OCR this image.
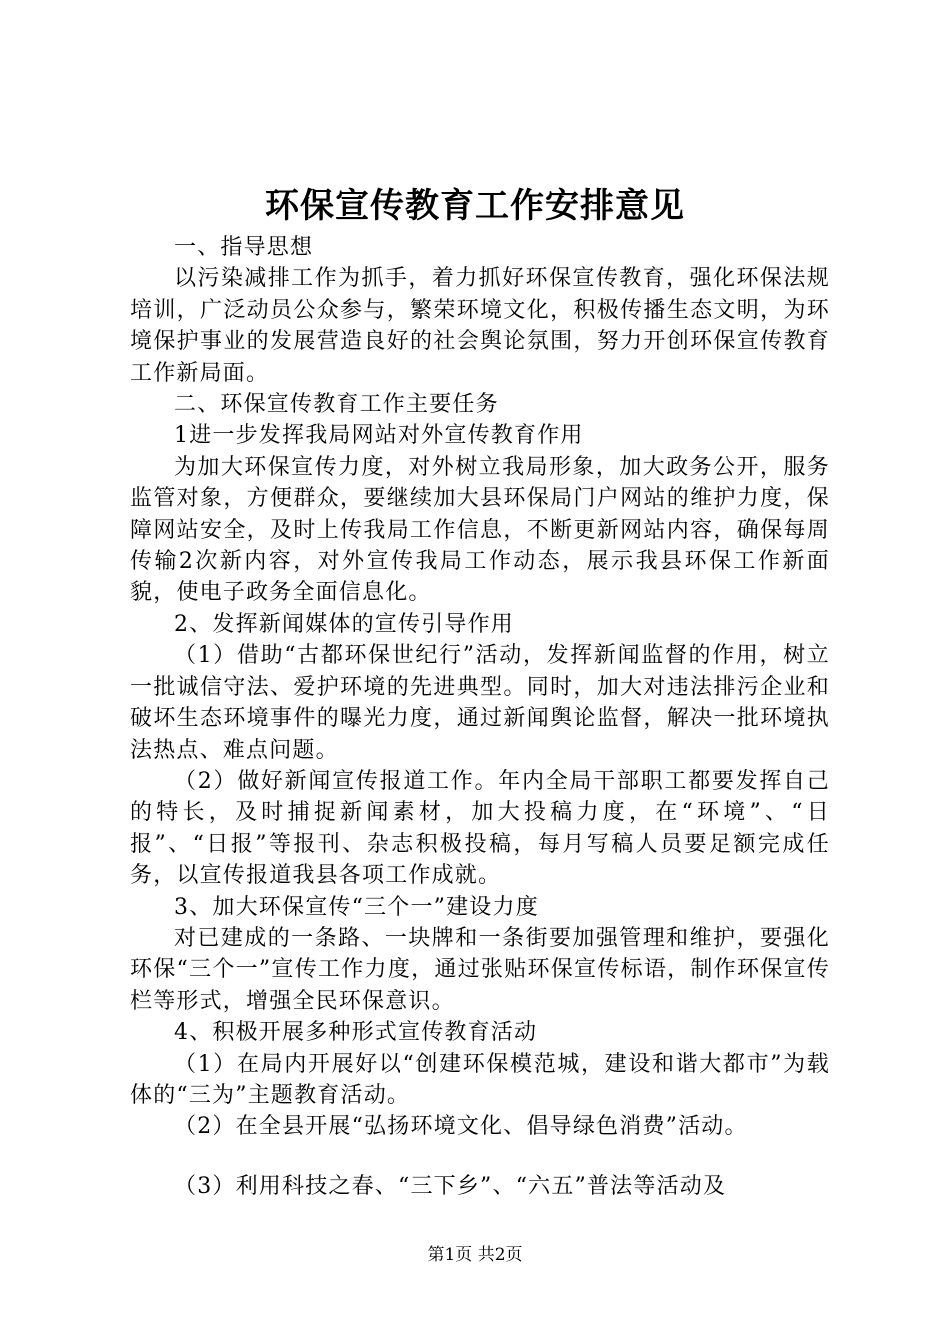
环保宣传教育工作安排意见

一、指导思想

以污染减排工作为抓手，着力抓好环保宣传教育，强化环保法规培训，广泛动员公众参与，繁荣环境文化，积极传播生态文明，为环境保护事业的发展营造良好的社会舆论氛围，努力开创环保宣传教育工作新局面。

二、环保宣传教育工作主要任务

1进一步发挥我局网站对外宣传教育作用

为加大环保宣传力度，对外树立我局形象，加大政务公开，服务监管对象，方便群众，要继续加大县环保局门户网站的维护力度，保障网站安全，及时上传我局工作信息，不断更新网站内容，确保每周传输2次新内容，对外宣传我局工作动态，展示我县环保工作新面貌，使电子政务全面信息化。

2、发挥新闻媒体的宣传引导作用

（1）借助“古都环保世纪行”活动，发挥新闻监督的作用，树立一批诚信守法、爱护环境的先进典型。同时，加大对违法排污企业和破坏生态环境事件的曝光力度，通过新闻舆论监督，解决一批环境执法热点、难点问题。

（2）做好新闻宣传报道工作。年内全局干部职工都要发挥自己的特长，及时捕捉新闻素材，加大投稿力度，在“环境”、“日报”、“日报”等报刊、杂志积极投稿，每月写稿人员要足额完成任务，以宣传报道我县各项工作成就。

3、加大环保宣传“三个一”建设力度

对已建成的一条路、一块牌和一条街要加强管理和维护，要强化环保“三个一”宣传工作力度，通过张贴环保宣传标语，制作环保宣传栏等形式，增强全民环保意识。

4、积极开展多种形式宣传教育活动

（1）在局内开展好以“创建环保模范城，建设和谐大都市”为载体的“三为”主题教育活动。

（2）在全县开展“弘扬环境文化、倡导绿色消费”活动。

（3）利用科技之春、“三下乡”、“六五”普法等活动及

第1页 共2页
